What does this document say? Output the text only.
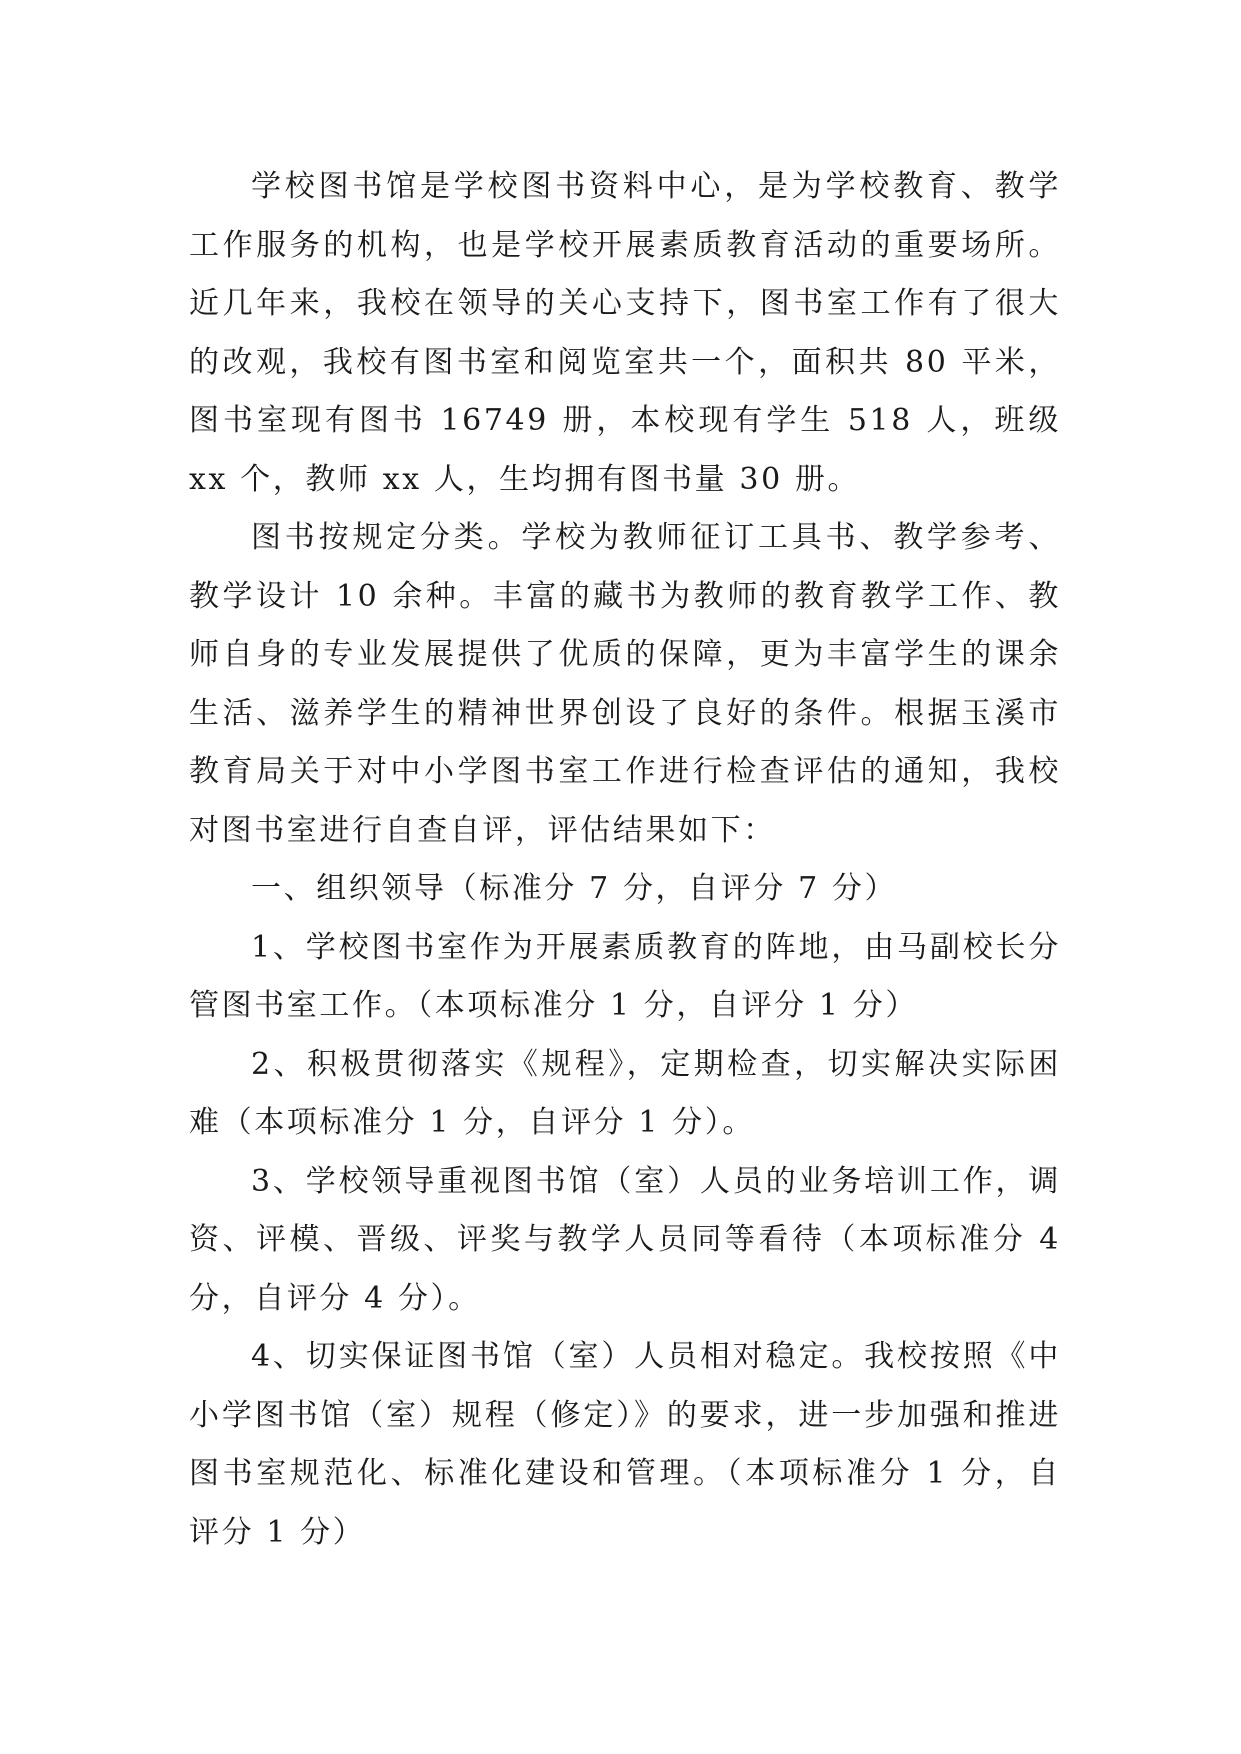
学校图书馆是学校图书资料中心，是为学校教育、教学工作服务的机构，也是学校开展素质教育活动的重要场所。近几年来，我校在领导的关心支持下，图书室工作有了很大的改观，我校有图书室和阅览室共一个，面积共 80 平米，图书室现有图书 16749 册，本校现有学生 518 人，班级 xx 个，教师 xx 人，生均拥有图书量 30 册。

图书按规定分类。学校为教师征订工具书、教学参考、教学设计 10 余种。丰富的藏书为教师的教育教学工作、教师自身的专业发展提供了优质的保障，更为丰富学生的课余生活、滋养学生的精神世界创设了良好的条件。根据玉溪市教育局关于对中小学图书室工作进行检查评估的通知，我校对图书室进行自查自评，评估结果如下：

一、组织领导（标准分 7 分，自评分 7 分）

1、学校图书室作为开展素质教育的阵地，由马副校长分管图书室工作。（本项标准分 1 分，自评分 1 分）

2、积极贯彻落实《规程》，定期检查，切实解决实际困难（本项标准分 1 分，自评分 1 分）。

3、学校领导重视图书馆（室）人员的业务培训工作，调资、评模、晋级、评奖与教学人员同等看待（本项标准分 4 分，自评分 4 分）。

4、切实保证图书馆（室）人员相对稳定。我校按照《中小学图书馆（室）规程（修定）》的要求，进一步加强和推进图书室规范化、标准化建设和管理。（本项标准分 1 分，自评分 1 分）
